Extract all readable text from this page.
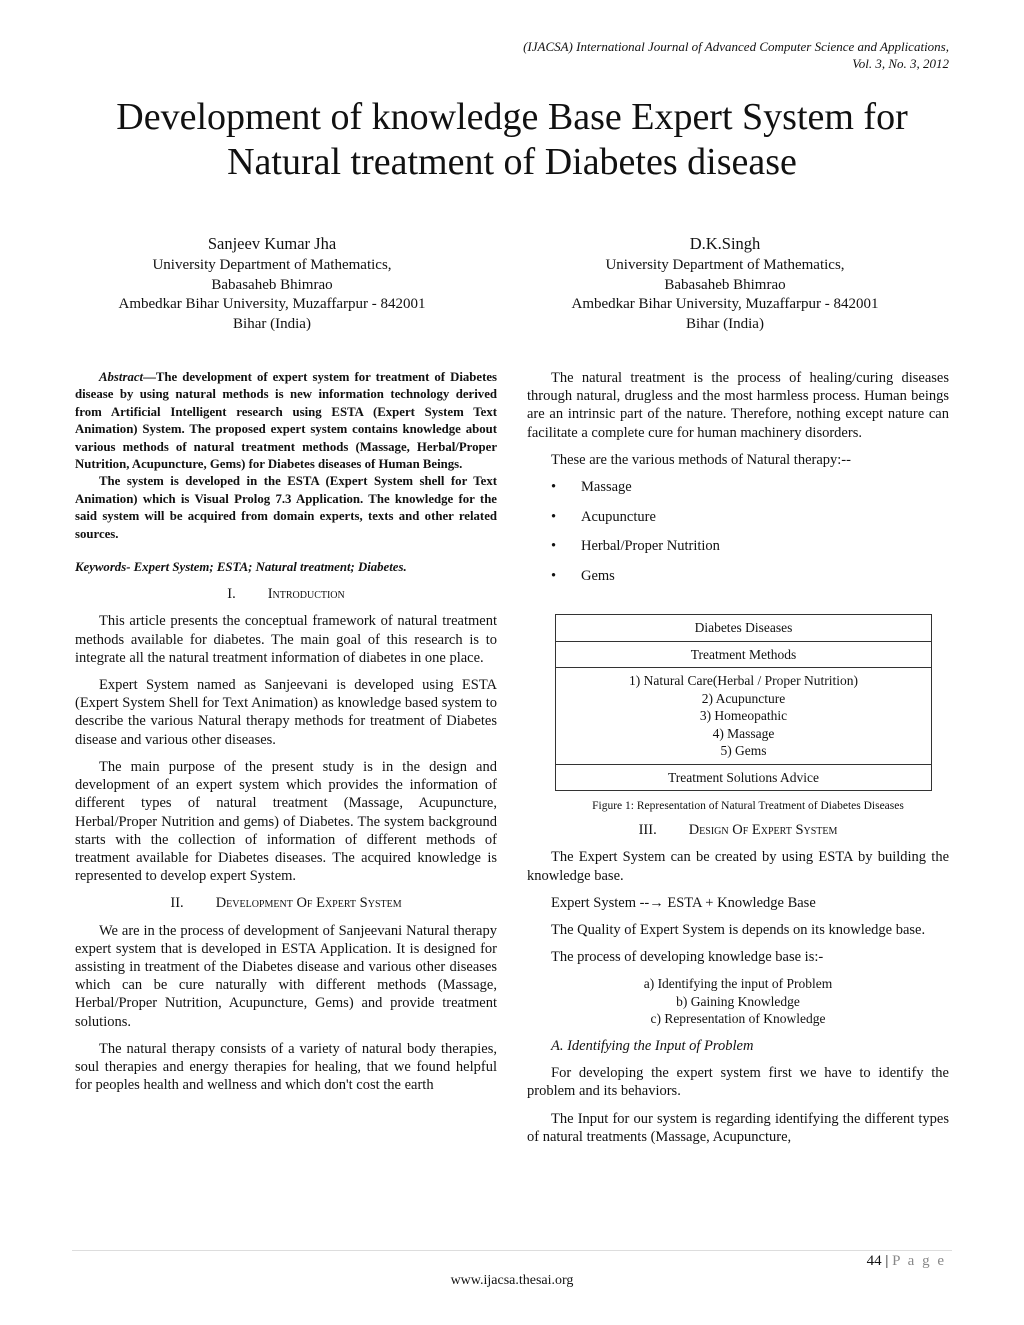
(IJACSA) International Journal of Advanced Computer Science and Applications,
Vol. 3, No. 3, 2012
Development of knowledge Base Expert System for
Natural treatment of Diabetes disease
Sanjeev Kumar Jha
University Department of Mathematics,
Babasaheb Bhimrao
Ambedkar Bihar University, Muzaffarpur - 842001
Bihar (India)
D.K.Singh
University Department of Mathematics,
Babasaheb Bhimrao
Ambedkar Bihar University, Muzaffarpur - 842001
Bihar (India)

Abstract—The development of expert system for treatment of Diabetes disease by using natural methods is new information technology derived from Artificial Intelligent research using ESTA (Expert System Text Animation) System. The proposed expert system contains knowledge about various methods of natural treatment methods (Massage, Herbal/Proper Nutrition, Acupuncture, Gems) for Diabetes diseases of Human Beings.

The system is developed in the ESTA (Expert System shell for Text Animation) which is Visual Prolog 7.3 Application. The knowledge for the said system will be acquired from domain experts, texts and other related sources.

Keywords- Expert System; ESTA; Natural treatment; Diabetes.
I. Introduction

This article presents the conceptual framework of natural treatment methods available for diabetes. The main goal of this research is to integrate all the natural treatment information of diabetes in one place.

Expert System named as Sanjeevani is developed using ESTA (Expert System Shell for Text Animation) as knowledge based system to describe the various Natural therapy methods for treatment of Diabetes disease and various other diseases.

The main purpose of the present study is in the design and development of an expert system which provides the information of different types of natural treatment (Massage, Acupuncture, Herbal/Proper Nutrition and gems) of Diabetes. The system background starts with the collection of information of different methods of treatment available for Diabetes diseases. The acquired knowledge is represented to develop expert System.

II. Development Of Expert System

We are in the process of development of Sanjeevani Natural therapy expert system that is developed in ESTA Application. It is designed for assisting in treatment of the Diabetes disease and various other diseases which can be cure naturally with different methods (Massage, Herbal/Proper Nutrition, Acupuncture, Gems) and provide treatment solutions.

The natural therapy consists of a variety of natural body therapies, soul therapies and energy therapies for healing, that we found helpful for peoples health and wellness and which don't cost the earth

The natural treatment is the process of healing/curing diseases through natural, drugless and the most harmless process. Human beings are an intrinsic part of the nature. Therefore, nothing except nature can facilitate a complete cure for human machinery disorders.

These are the various methods of Natural therapy:--

• Massage
• Acupuncture
• Herbal/Proper Nutrition
• Gems
Diabetes Diseases
Treatment Methods

1) Natural Care(Herbal / Proper Nutrition)
2) Acupuncture
3) Homeopathic
4) Massage
5) Gems

Treatment Solutions Advice
Figure 1: Representation of Natural Treatment of Diabetes Diseases
III. Design Of Expert System

The Expert System can be created by using ESTA by building the knowledge base.

Expert System --→ ESTA + Knowledge Base

The Quality of Expert System is depends on its knowledge base.

The process of developing knowledge base is:-

a) Identifying the input of Problem
b) Gaining Knowledge
c) Representation of Knowledge

A. Identifying the Input of Problem

For developing the expert system first we have to identify the problem and its behaviors.

The Input for our system is regarding identifying the different types of natural treatments (Massage, Acupuncture,

44 | P a g e
www.ijacsa.thesai.org
